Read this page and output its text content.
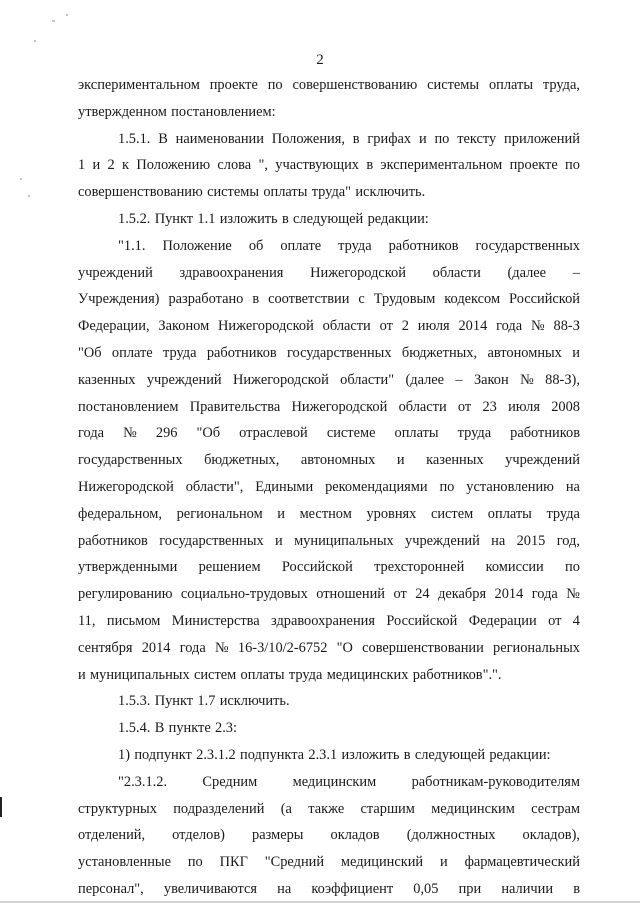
2
экспериментальном проекте по совершенствованию системы оплаты труда,
утвержденном постановлением:
1.5.1. В наименовании Положения, в грифах и по тексту приложений
1 и 2 к Положению слова ", участвующих в экспериментальном проекте по
совершенствованию системы оплаты труда" исключить.
1.5.2. Пункт 1.1 изложить в следующей редакции:
"1.1. Положение об оплате труда работников государственных
учреждений здравоохранения Нижегородской области (далее –
Учреждения) разработано в соответствии с Трудовым кодексом Российской
Федерации, Законом Нижегородской области от 2 июля 2014 года № 88-З
"Об оплате труда работников государственных бюджетных, автономных и
казенных учреждений Нижегородской области" (далее – Закон № 88-З),
постановлением Правительства Нижегородской области от 23 июля 2008
года № 296 "Об отраслевой системе оплаты труда работников
государственных бюджетных, автономных и казенных учреждений
Нижегородской области", Едиными рекомендациями по установлению на
федеральном, региональном и местном уровнях систем оплаты труда
работников государственных и муниципальных учреждений на 2015 год,
утвержденными решением Российской трехсторонней комиссии по
регулированию социально-трудовых отношений от 24 декабря 2014 года №
11, письмом Министерства здравоохранения Российской Федерации от 4
сентября 2014 года № 16-3/10/2-6752 "О совершенствовании региональных
и муниципальных систем оплаты труда медицинских работников".".
1.5.3. Пункт 1.7 исключить.
1.5.4. В пункте 2.3:
1) подпункт 2.3.1.2 подпункта 2.3.1 изложить в следующей редакции:
"2.3.1.2. Средним медицинским работникам-руководителям
структурных подразделений (а также старшим медицинским сестрам
отделений, отделов) размеры окладов (должностных окладов),
установленные по ПКГ "Средний медицинский и фармацевтический
персонал", увеличиваются на коэффициент 0,05 при наличии в
